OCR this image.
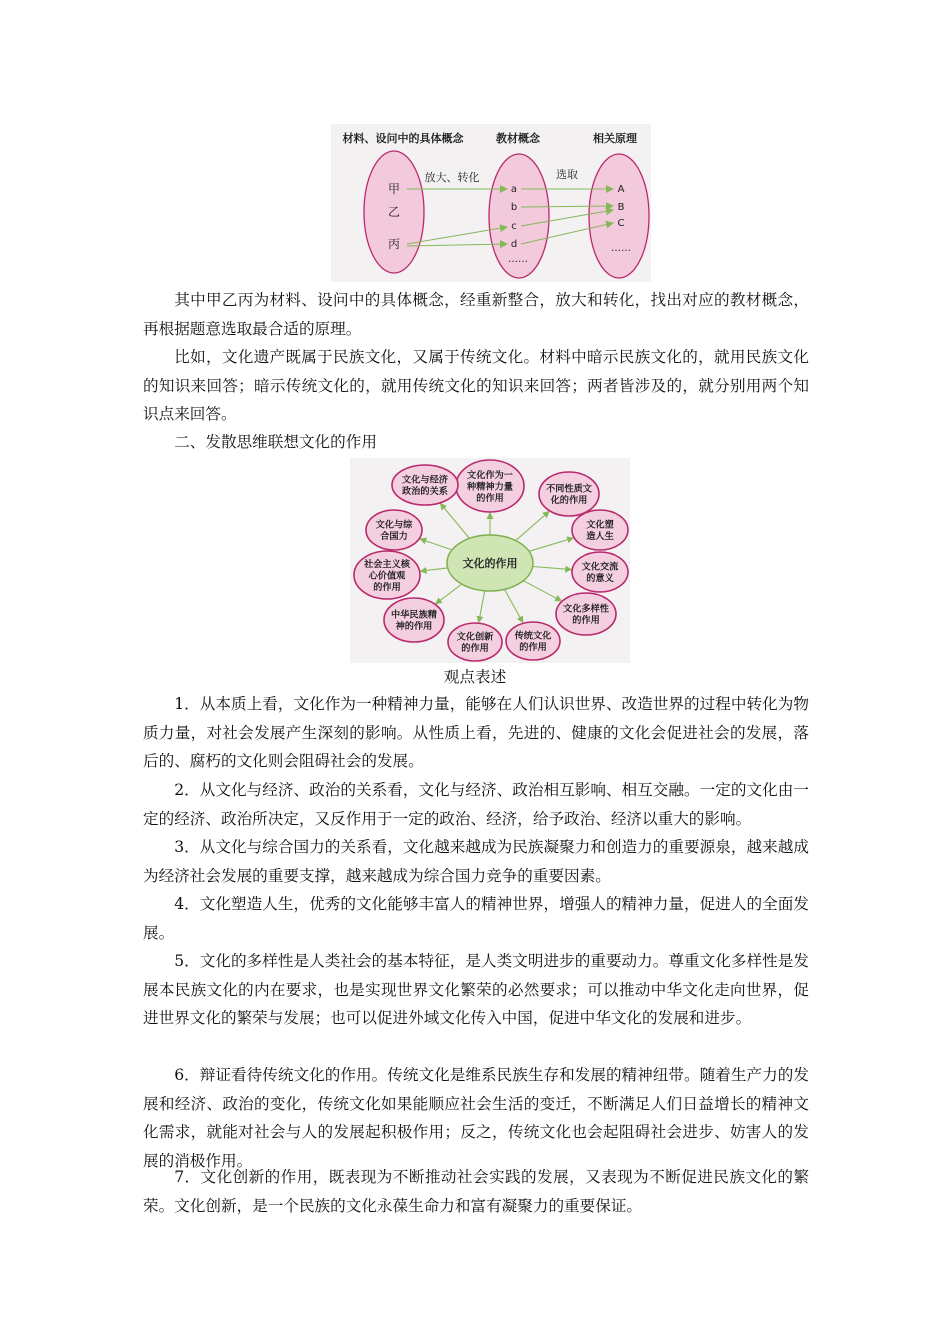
材料、设问中的具体概念	教材概念	相关原理
甲
乙
丙
a
b
c
d
……
A
B
C
……
放大、转化	选取

其中甲乙丙为材料、设问中的具体概念，经重新整合，放大和转化，找出对应的教材概念，再根据题意选取最合适的原理。

比如，文化遗产既属于民族文化，又属于传统文化。材料中暗示民族文化的，就用民族文化的知识来回答；暗示传统文化的，就用传统文化的知识来回答；两者皆涉及的，就分别用两个知识点来回答。

二、发散思维联想文化的作用

文化作为一
种精神力量
的作用
不同性质文
化的作用
文化塑
造人生
文化交流
的意义
文化多样性
的作用
传统文化
的作用
文化创新
的作用
中华民族精
神的作用
社会主义核
心价值观
的作用
文化与综
合国力
文化与经济
政治的关系
文化的作用

观点表述

1．从本质上看，文化作为一种精神力量，能够在人们认识世界、改造世界的过程中转化为物质力量，对社会发展产生深刻的影响。从性质上看，先进的、健康的文化会促进社会的发展，落后的、腐朽的文化则会阻碍社会的发展。

2．从文化与经济、政治的关系看，文化与经济、政治相互影响、相互交融。一定的文化由一定的经济、政治所决定，又反作用于一定的政治、经济，给予政治、经济以重大的影响。

3．从文化与综合国力的关系看，文化越来越成为民族凝聚力和创造力的重要源泉，越来越成为经济社会发展的重要支撑，越来越成为综合国力竞争的重要因素。

4．文化塑造人生，优秀的文化能够丰富人的精神世界，增强人的精神力量，促进人的全面发展。

5．文化的多样性是人类社会的基本特征，是人类文明进步的重要动力。尊重文化多样性是发展本民族文化的内在要求，也是实现世界文化繁荣的必然要求；可以推动中华文化走向世界，促进世界文化的繁荣与发展；也可以促进外域文化传入中国，促进中华文化的发展和进步。

6．辩证看待传统文化的作用。传统文化是维系民族生存和发展的精神纽带。随着生产力的发展和经济、政治的变化，传统文化如果能顺应社会生活的变迁，不断满足人们日益增长的精神文化需求，就能对社会与人的发展起积极作用；反之，传统文化也会起阻碍社会进步、妨害人的发展的消极作用。

7．文化创新的作用，既表现为不断推动社会实践的发展，又表现为不断促进民族文化的繁荣。文化创新，是一个民族的文化永葆生命力和富有凝聚力的重要保证。
